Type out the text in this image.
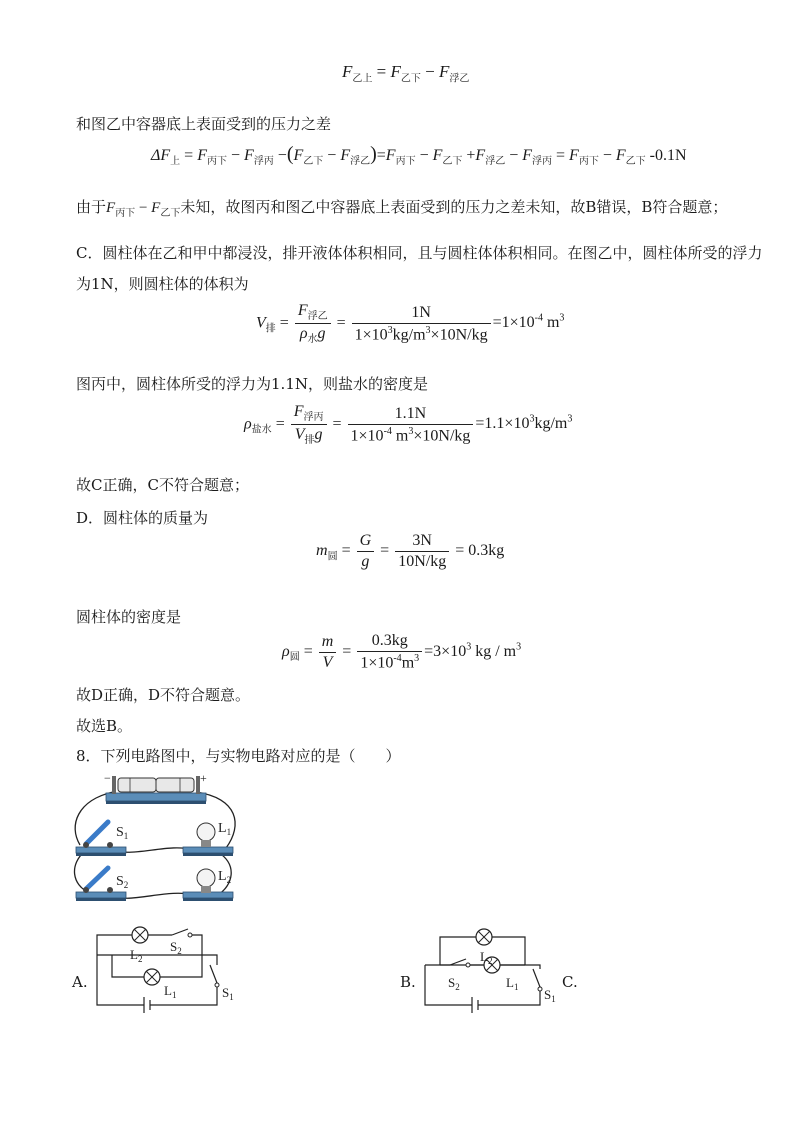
$F_{乙上} = F_{乙下} - F_{浮乙}$
和图乙中容器底上表面受到的压力之差
$\Delta F_上 = F_{丙下} - F_{浮丙} -(F_{乙下} - F_{浮乙})=F_{丙下} - F_{乙下} +F_{浮乙} - F_{浮丙} = F_{丙下} - F_{乙下}$ -0.1N
由于$F_{丙下} - F_{乙下}$未知，故图丙和图乙中容器底上表面受到的压力之差未知，故B错误，B符合题意；
C．圆柱体在乙和甲中都浸没，排开液体体积相同，且与圆柱体体积相同。在图乙中，圆柱体所受的浮力
为1N，则圆柱体的体积为
$V_排 = \frac{F_{浮乙}}{\rho_水g} = \frac{1N}{1\times 10^3kg/m^3\times 10N/kg} =1\times 10^{-4}$ $m^3$
图丙中，圆柱体所受的浮力为1.1N，则盐水的密度是
$\rho_{盐水} = \frac{F_{浮丙}}{V_排g} = \frac{1.1N}{1\times 10^{-4} m^3\times 10N/kg} =1.1\times 10^3kg/m^3$
故C正确，C不符合题意；
D．圆柱体的质量为
$m_圆 = \frac{G}{g} = \frac{3N}{10N/kg} = 0.3kg$
圆柱体的密度是
$\rho_圆 = \frac{m}{V} = \frac{0.3kg}{1\times 10^{-4}m^3} =3\times 10^3$ kg / $m^3$
故D正确，D不符合题意。
故选B。
8．下列电路图中，与实物电路对应的是（　　）
−	+
$S_1$	$L_1$
$S_2$
$L_2$
A.
$L_2$
$S_2$
$L_1$	$S_1$
B.
$L_2$
$S_2$	$L_1$ $S_1$
C.
